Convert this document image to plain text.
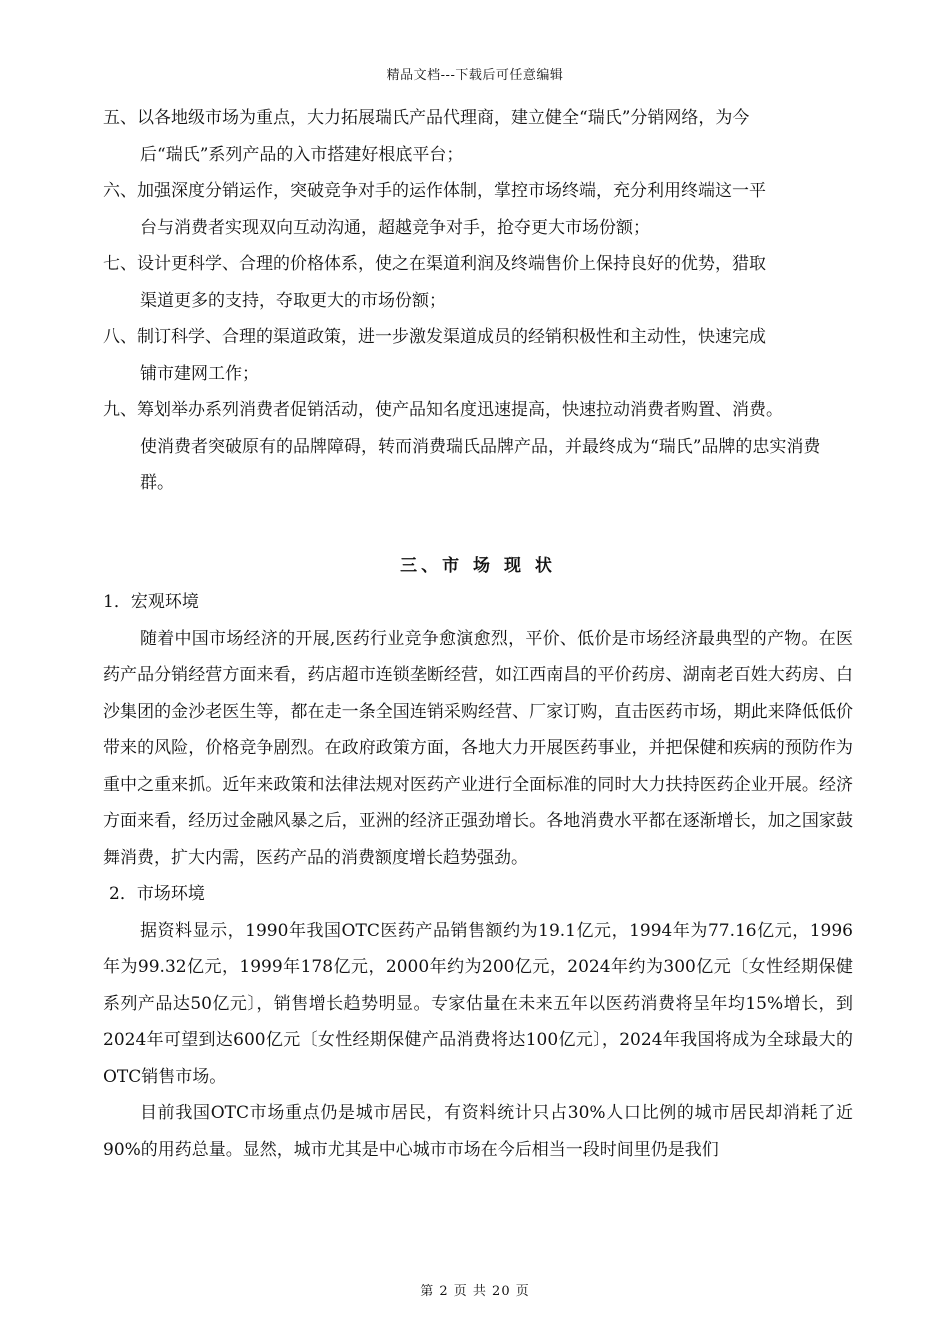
精品文档---下载后可任意编辑

五、以各地级市场为重点，大力拓展瑞氏产品代理商，建立健全“瑞氏”分销网络，为今
后“瑞氏”系列产品的入市搭建好根底平台；

六、加强深度分销运作，突破竞争对手的运作体制，掌控市场终端，充分利用终端这一平
台与消费者实现双向互动沟通，超越竞争对手，抢夺更大市场份额；

七、设计更科学、合理的价格体系，使之在渠道利润及终端售价上保持良好的优势，猎取
渠道更多的支持，夺取更大的市场份额；

八、制订科学、合理的渠道政策，进一步激发渠道成员的经销积极性和主动性，快速完成
铺市建网工作；

九、筹划举办系列消费者促销活动，使产品知名度迅速提高，快速拉动消费者购置、消费。
使消费者突破原有的品牌障碍，转而消费瑞氏品牌产品，并最终成为“瑞氏”品牌的忠实消费群。

三、市 场 现 状

1．宏观环境

随着中国市场经济的开展,医药行业竞争愈演愈烈，平价、低价是市场经济最典型的产物。在医药产品分销经营方面来看，药店超市连锁垄断经营，如江西南昌的平价药房、湖南老百姓大药房、白沙集团的金沙老医生等，都在走一条全国连销采购经营、厂家订购，直击医药市场，期此来降低低价带来的风险，价格竞争剧烈。在政府政策方面，各地大力开展医药事业，并把保健和疾病的预防作为重中之重来抓。近年来政策和法律法规对医药产业进行全面标准的同时大力扶持医药企业开展。经济方面来看，经历过金融风暴之后，亚洲的经济正强劲增长。各地消费水平都在逐渐增长，加之国家鼓舞消费，扩大内需，医药产品的消费额度增长趋势强劲。

2．市场环境

据资料显示，1990年我国OTC医药产品销售额约为19.1亿元，1994年为77.16亿元，1996年为99.32亿元，1999年178亿元，2000年约为200亿元，2024年约为300亿元〔女性经期保健系列产品达50亿元〕，销售增长趋势明显。专家估量在未来五年以医药消费将呈年均15%增长，到2024年可望到达600亿元〔女性经期保健产品消费将达100亿元〕，2024年我国将成为全球最大的OTC销售市场。

目前我国OTC市场重点仍是城市居民，有资料统计只占30%人口比例的城市居民却消耗了近90%的用药总量。显然，城市尤其是中心城市市场在今后相当一段时间里仍是我们

第 2 页 共 20 页
